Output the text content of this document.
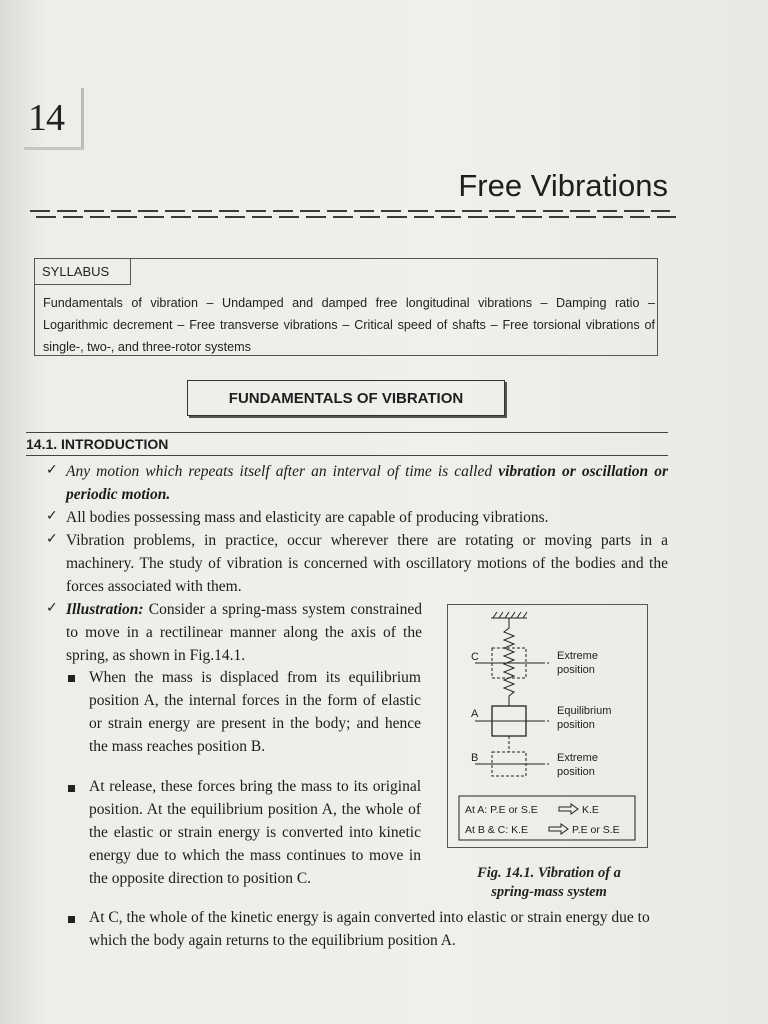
14
Free Vibrations
SYLLABUS
Fundamentals of vibration – Undamped and damped free longitudinal vibrations – Damping ratio – Logarithmic decrement – Free transverse vibrations – Critical speed of shafts – Free torsional vibrations of single-, two-, and three-rotor systems
FUNDAMENTALS OF VIBRATION
14.1. INTRODUCTION
✓ Any motion which repeats itself after an interval of time is called vibration or oscillation or periodic motion.
✓ All bodies possessing mass and elasticity are capable of producing vibrations.
✓ Vibration problems, in practice, occur wherever there are rotating or moving parts in a machinery. The study of vibration is concerned with oscillatory motions of the bodies and the forces associated with them.
✓ Illustration: Consider a spring-mass system constrained to move in a rectilinear manner along the axis of the spring, as shown in Fig.14.1.
When the mass is displaced from its equilibrium position A, the internal forces in the form of elastic or strain energy are present in the body; and hence the mass reaches position B.
At release, these forces bring the mass to its original position. At the equilibrium position A, the whole of the elastic or strain energy is converted into kinetic energy due to which the mass continues to move in the opposite direction to position C.
At C, the whole of the kinetic energy is again converted into elastic or strain energy due to which the body again returns to the equilibrium position A.
C
A
B
Extreme
position
Equilibrium
position
Extreme
position
At A: P.E or S.E	K.E
At B & C: K.E	P.E or S.E
Fig. 14.1. Vibration of a
spring-mass system
